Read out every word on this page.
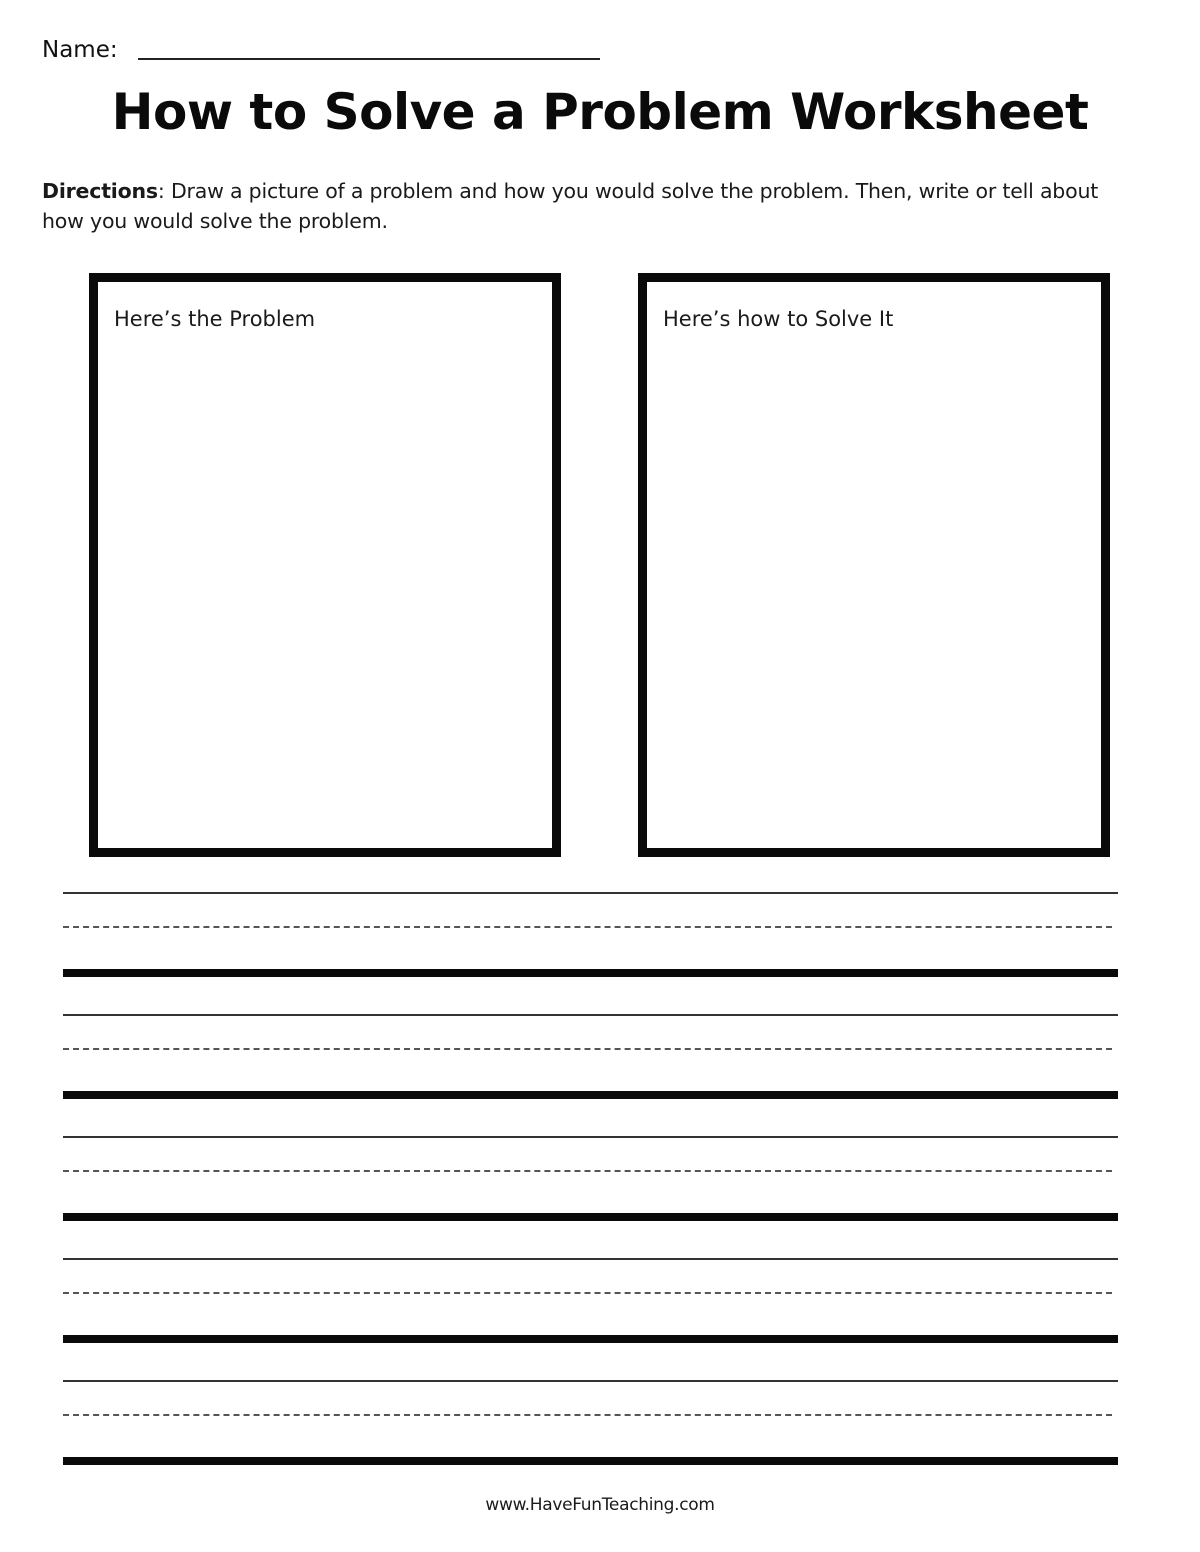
Name:
How to Solve a Problem Worksheet
Directions: Draw a picture of a problem and how you would solve the problem. Then, write or tell about how you would solve the problem.
Here’s the Problem	Here’s how to Solve It
www.HaveFunTeaching.com
